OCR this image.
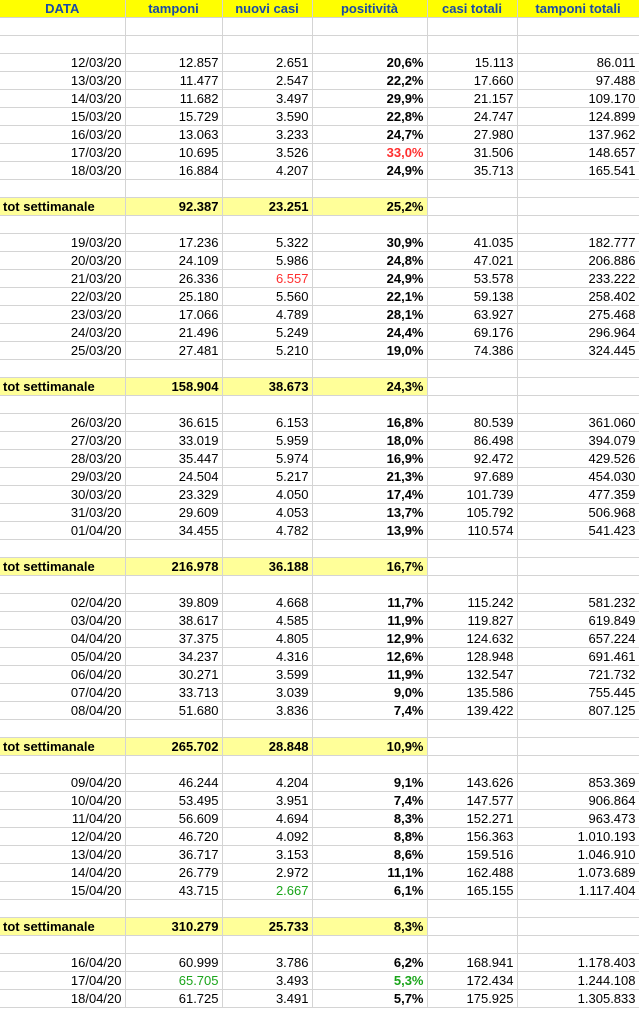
DATA	tamponi	nuovi casi	positività	casi totali	tamponi totali

12/03/20	12.857	2.651	20,6%	15.113	86.011
13/03/20	11.477	2.547	22,2%	17.660	97.488
14/03/20	11.682	3.497	29,9%	21.157	109.170
15/03/20	15.729	3.590	22,8%	24.747	124.899
16/03/20	13.063	3.233	24,7%	27.980	137.962
17/03/20	10.695	3.526	33,0%	31.506	148.657
18/03/20	16.884	4.207	24,9%	35.713	165.541

tot settimanale	92.387	23.251	25,2%		

19/03/20	17.236	5.322	30,9%	41.035	182.777
20/03/20	24.109	5.986	24,8%	47.021	206.886
21/03/20	26.336	6.557	24,9%	53.578	233.222
22/03/20	25.180	5.560	22,1%	59.138	258.402
23/03/20	17.066	4.789	28,1%	63.927	275.468
24/03/20	21.496	5.249	24,4%	69.176	296.964
25/03/20	27.481	5.210	19,0%	74.386	324.445

tot settimanale	158.904	38.673	24,3%		

26/03/20	36.615	6.153	16,8%	80.539	361.060
27/03/20	33.019	5.959	18,0%	86.498	394.079
28/03/20	35.447	5.974	16,9%	92.472	429.526
29/03/20	24.504	5.217	21,3%	97.689	454.030
30/03/20	23.329	4.050	17,4%	101.739	477.359
31/03/20	29.609	4.053	13,7%	105.792	506.968
01/04/20	34.455	4.782	13,9%	110.574	541.423

tot settimanale	216.978	36.188	16,7%		

02/04/20	39.809	4.668	11,7%	115.242	581.232
03/04/20	38.617	4.585	11,9%	119.827	619.849
04/04/20	37.375	4.805	12,9%	124.632	657.224
05/04/20	34.237	4.316	12,6%	128.948	691.461
06/04/20	30.271	3.599	11,9%	132.547	721.732
07/04/20	33.713	3.039	9,0%	135.586	755.445
08/04/20	51.680	3.836	7,4%	139.422	807.125

tot settimanale	265.702	28.848	10,9%		

09/04/20	46.244	4.204	9,1%	143.626	853.369
10/04/20	53.495	3.951	7,4%	147.577	906.864
11/04/20	56.609	4.694	8,3%	152.271	963.473
12/04/20	46.720	4.092	8,8%	156.363	1.010.193
13/04/20	36.717	3.153	8,6%	159.516	1.046.910
14/04/20	26.779	2.972	11,1%	162.488	1.073.689
15/04/20	43.715	2.667	6,1%	165.155	1.117.404

tot settimanale	310.279	25.733	8,3%		

16/04/20	60.999	3.786	6,2%	168.941	1.178.403
17/04/20	65.705	3.493	5,3%	172.434	1.244.108
18/04/20	61.725	3.491	5,7%	175.925	1.305.833
